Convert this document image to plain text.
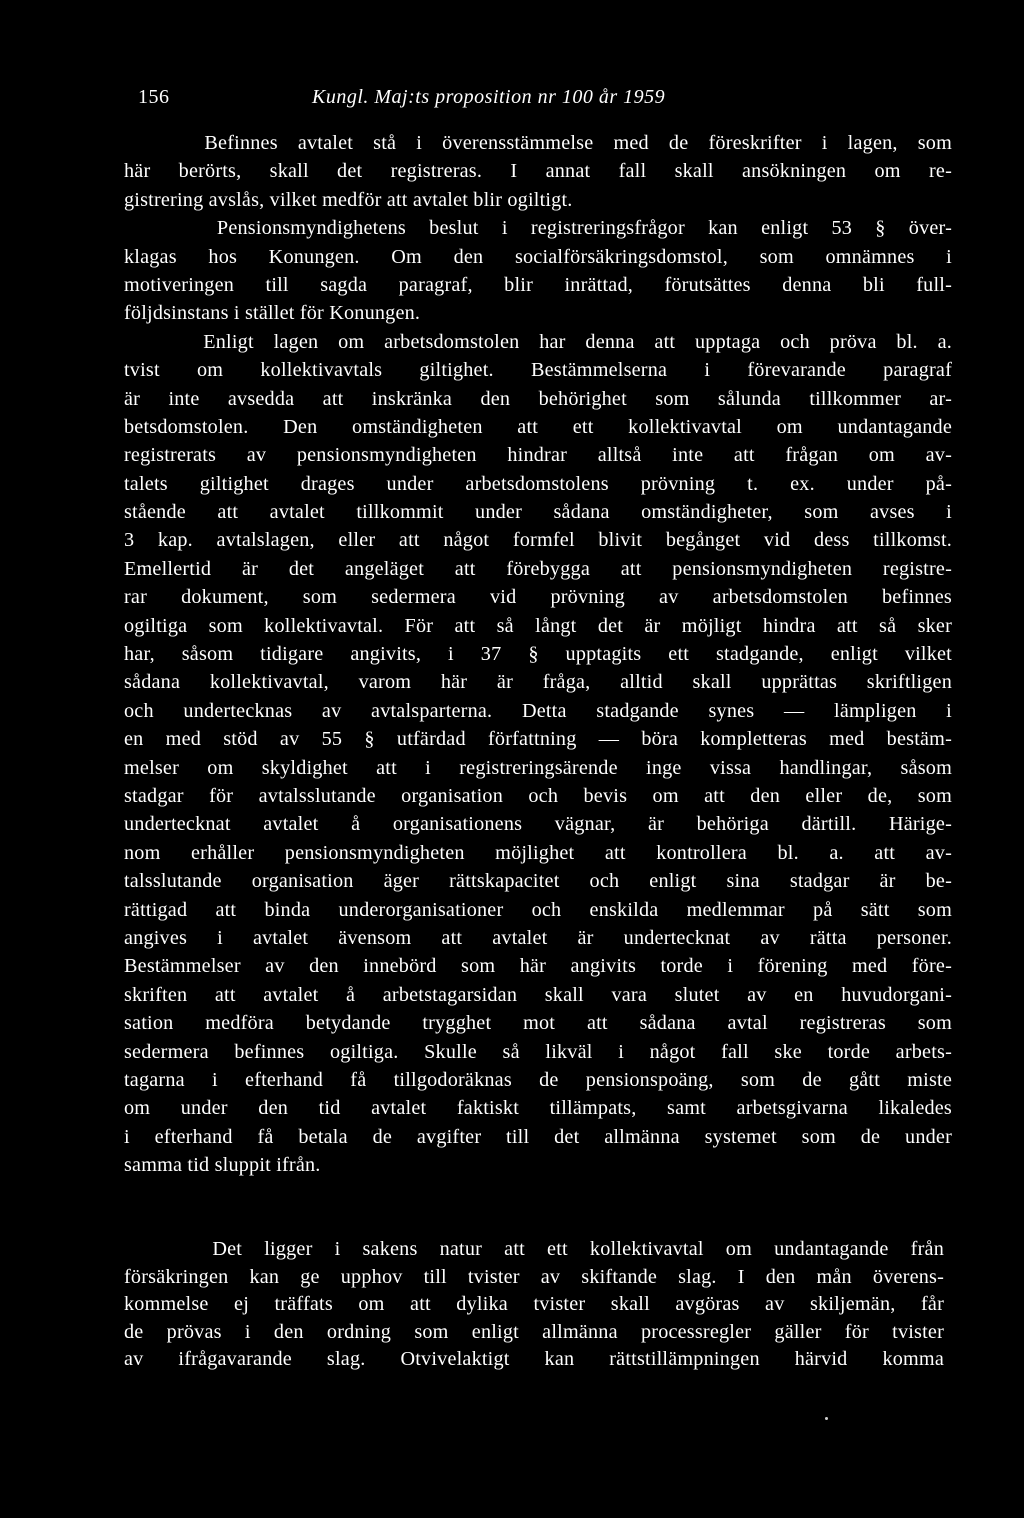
156	Kungl. Maj:ts proposition nr 100 år 1959
Befinnes avtalet stå i överensstämmelse med de föreskrifter i lagen, som
här berörts, skall det registreras. I annat fall skall ansökningen om re-
gistrering avslås, vilket medför att avtalet blir ogiltigt.
Pensionsmyndighetens beslut i registreringsfrågor kan enligt 53 § över-
klagas hos Konungen. Om den socialförsäkringsdomstol, som omnämnes i
motiveringen till sagda paragraf, blir inrättad, förutsättes denna bli full-
följdsinstans i stället för Konungen.
Enligt lagen om arbetsdomstolen har denna att upptaga och pröva bl. a.
tvist om kollektivavtals giltighet. Bestämmelserna i förevarande paragraf
är inte avsedda att inskränka den behörighet som sålunda tillkommer ar-
betsdomstolen. Den omständigheten att ett kollektivavtal om undantagande
registrerats av pensionsmyndigheten hindrar alltså inte att frågan om av-
talets giltighet drages under arbetsdomstolens prövning t. ex. under på-
stående att avtalet tillkommit under sådana omständigheter, som avses i
3 kap. avtalslagen, eller att något formfel blivit begånget vid dess tillkomst.
Emellertid är det angeläget att förebygga att pensionsmyndigheten registre-
rar dokument, som sedermera vid prövning av arbetsdomstolen befinnes
ogiltiga som kollektivavtal. För att så långt det är möjligt hindra att så sker
har, såsom tidigare angivits, i 37 § upptagits ett stadgande, enligt vilket
sådana kollektivavtal, varom här är fråga, alltid skall upprättas skriftligen
och undertecknas av avtalsparterna. Detta stadgande synes — lämpligen i
en med stöd av 55 § utfärdad författning — böra kompletteras med bestäm-
melser om skyldighet att i registreringsärende inge vissa handlingar, såsom
stadgar för avtalsslutande organisation och bevis om att den eller de, som
undertecknat avtalet å organisationens vägnar, är behöriga därtill. Härige-
nom erhåller pensionsmyndigheten möjlighet att kontrollera bl. a. att av-
talsslutande organisation äger rättskapacitet och enligt sina stadgar är be-
rättigad att binda underorganisationer och enskilda medlemmar på sätt som
angives i avtalet ävensom att avtalet är undertecknat av rätta personer.
Bestämmelser av den innebörd som här angivits torde i förening med före-
skriften att avtalet å arbetstagarsidan skall vara slutet av en huvudorgani-
sation medföra betydande trygghet mot att sådana avtal registreras som
sedermera befinnes ogiltiga. Skulle så likväl i något fall ske torde arbets-
tagarna i efterhand få tillgodoräknas de pensionspoäng, som de gått miste
om under den tid avtalet faktiskt tillämpats, samt arbetsgivarna likaledes
i efterhand få betala de avgifter till det allmänna systemet som de under
samma tid sluppit ifrån.
Det ligger i sakens natur att ett kollektivavtal om undantagande från
försäkringen kan ge upphov till tvister av skiftande slag. I den mån överens-
kommelse ej träffats om att dylika tvister skall avgöras av skiljemän, får
de prövas i den ordning som enligt allmänna processregler gäller för tvister
av ifrågavarande slag. Otvivelaktigt kan rättstillämpningen härvid komma
